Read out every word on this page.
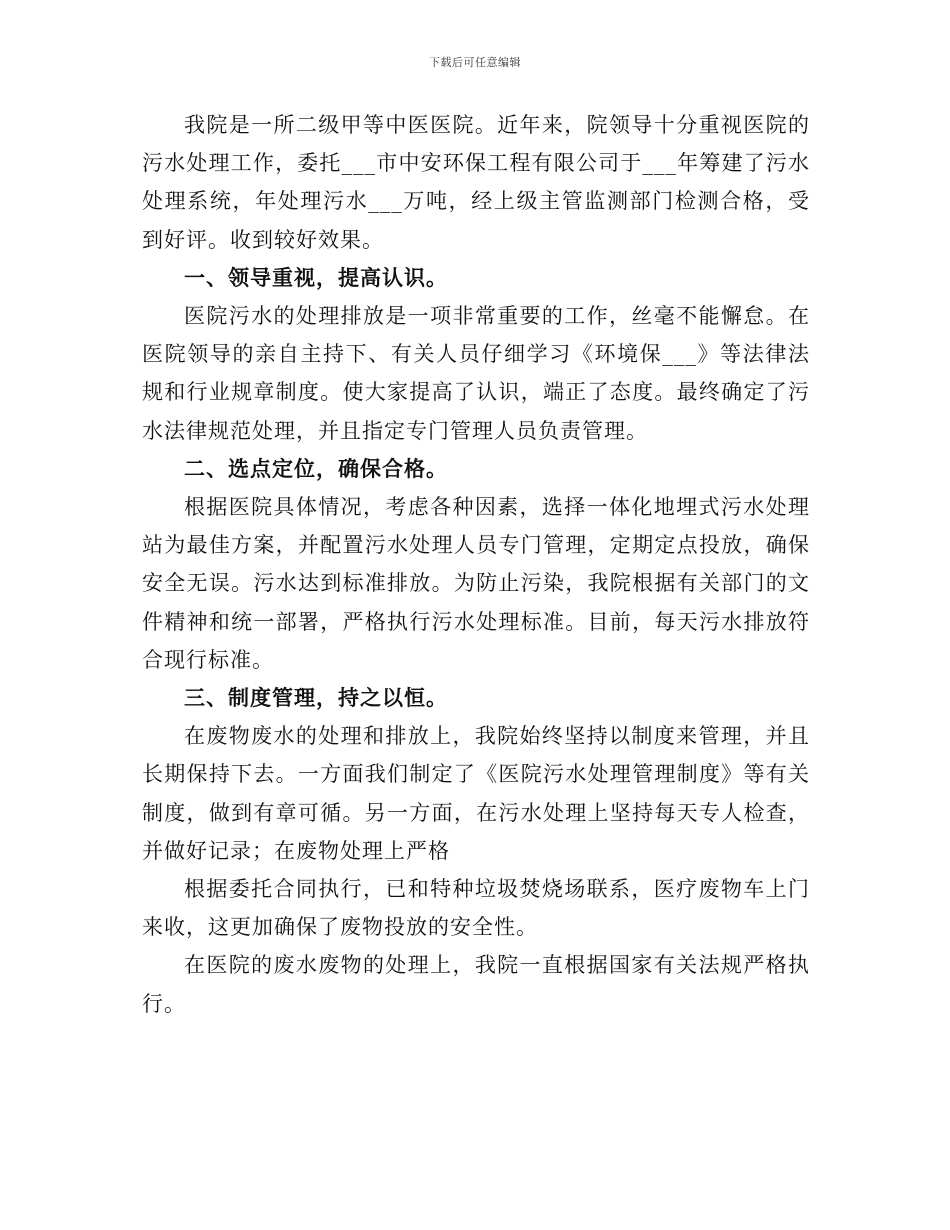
下载后可任意编辑

我院是一所二级甲等中医医院。近年来，院领导十分重视医院的污水处理工作，委托___市中安环保工程有限公司于___年筹建了污水处理系统，年处理污水___万吨，经上级主管监测部门检测合格，受到好评。收到较好效果。

一、领导重视，提高认识。

医院污水的处理排放是一项非常重要的工作，丝毫不能懈怠。在医院领导的亲自主持下、有关人员仔细学习《环境保___》等法律法规和行业规章制度。使大家提高了认识，端正了态度。最终确定了污水法律规范处理，并且指定专门管理人员负责管理。

二、选点定位，确保合格。

根据医院具体情况，考虑各种因素，选择一体化地埋式污水处理站为最佳方案，并配置污水处理人员专门管理，定期定点投放，确保安全无误。污水达到标准排放。为防止污染，我院根据有关部门的文件精神和统一部署，严格执行污水处理标准。目前，每天污水排放符合现行标准。

三、制度管理，持之以恒。

在废物废水的处理和排放上，我院始终坚持以制度来管理，并且长期保持下去。一方面我们制定了《医院污水处理管理制度》等有关制度，做到有章可循。另一方面，在污水处理上坚持每天专人检查，并做好记录；在废物处理上严格

根据委托合同执行，已和特种垃圾焚烧场联系，医疗废物车上门来收，这更加确保了废物投放的安全性。

在医院的废水废物的处理上，我院一直根据国家有关法规严格执行。
